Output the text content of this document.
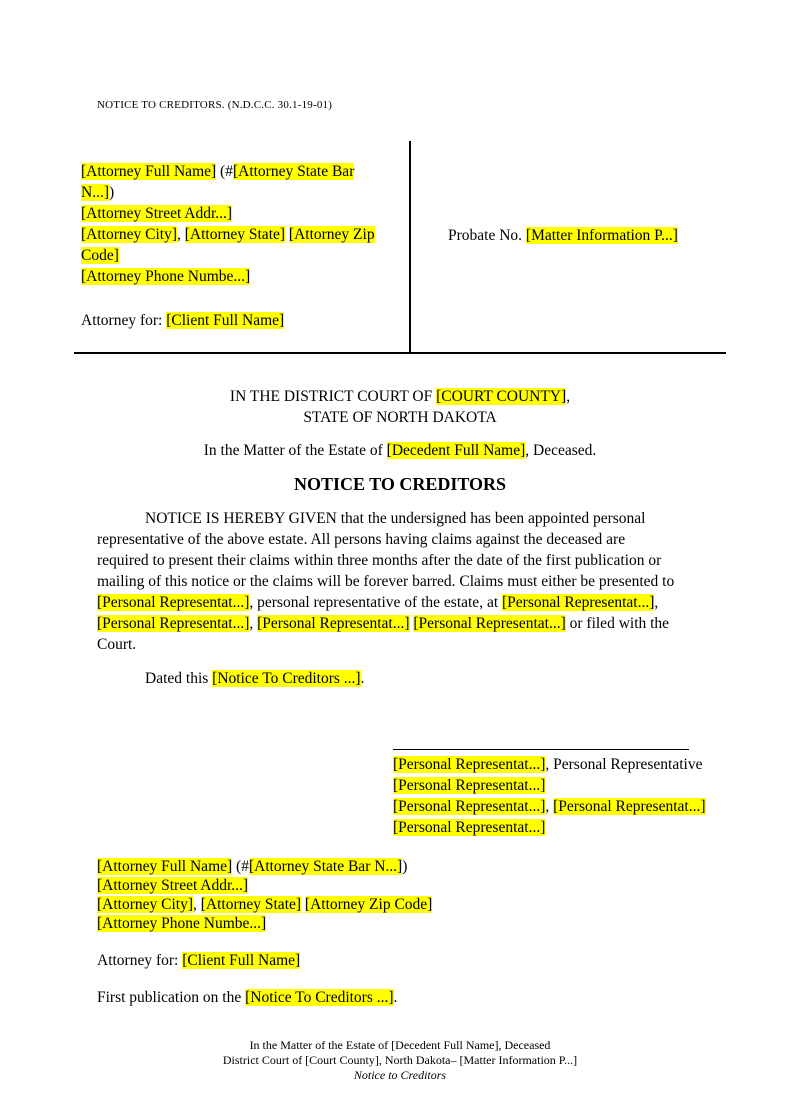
NOTICE TO CREDITORS. (N.D.C.C. 30.1-19-01)
[Attorney Full Name] (#[Attorney State Bar
N...])
[Attorney Street Addr...]
[Attorney City], [Attorney State] [Attorney Zip
Code]
[Attorney Phone Numbe...]
Attorney for: [Client Full Name]
Probate No. [Matter Information P...]
IN THE DISTRICT COURT OF [COURT COUNTY],
STATE OF NORTH DAKOTA
In the Matter of the Estate of [Decedent Full Name], Deceased.
NOTICE TO CREDITORS
NOTICE IS HEREBY GIVEN that the undersigned has been appointed personal
representative of the above estate. All persons having claims against the deceased are
required to present their claims within three months after the date of the first publication or
mailing of this notice or the claims will be forever barred. Claims must either be presented to
[Personal Representat...], personal representative of the estate, at [Personal Representat...],
[Personal Representat...], [Personal Representat...] [Personal Representat...] or filed with the
Court.
Dated this [Notice To Creditors ...].
[Personal Representat...], Personal Representative
[Personal Representat...]
[Personal Representat...], [Personal Representat...]
[Personal Representat...]
[Attorney Full Name] (#[Attorney State Bar N...])
[Attorney Street Addr...]
[Attorney City], [Attorney State] [Attorney Zip Code]
[Attorney Phone Numbe...]
Attorney for: [Client Full Name]
First publication on the [Notice To Creditors ...].
In the Matter of the Estate of [Decedent Full Name], Deceased
District Court of [Court County], North Dakota– [Matter Information P...]
Notice to Creditors
